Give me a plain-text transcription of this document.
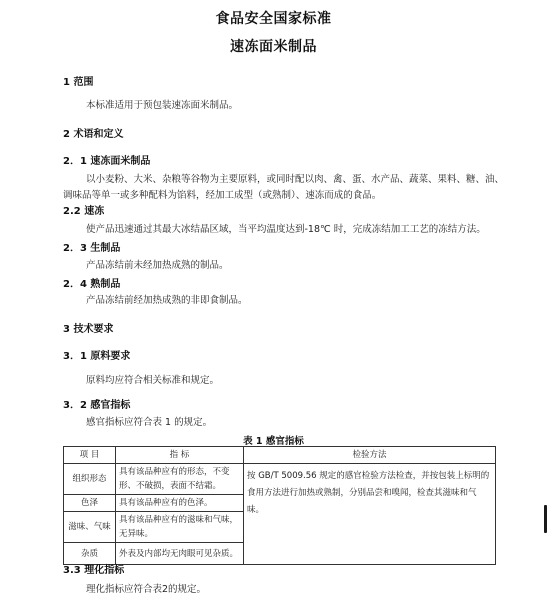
食品安全国家标准
速冻面米制品
1 范围
本标准适用于预包装速冻面米制品。
2 术语和定义
2．1 速冻面米制品
以小麦粉、大米、杂粮等谷物为主要原料，或同时配以肉、禽、蛋、水产品、蔬菜、果料、糖、油、
调味品等单一或多种配料为馅料，经加工成型（或熟制）、速冻而成的食品。
2.2 速冻
使产品迅速通过其最大冰结晶区域，当平均温度达到-18℃ 时，完成冻结加工工艺的冻结方法。
2．3 生制品
产品冻结前未经加热成熟的制品。
2．4 熟制品
产品冻结前经加热成熟的非即食制品。
3 技术要求
3．1 原料要求
原料均应符合相关标准和规定。
3．2 感官指标
感官指标应符合表 1 的规定。
表 1 感官指标
项 目	指 标	检验方法
组织形态	具有该品种应有的形态，不变形、不破损，表面不结霜。	按 GB/T 5009.56 规定的感官检验方法检查，并按包装上标明的食用方法进行加热或熟制，分别品尝和嗅闻，检查其滋味和气味。
色泽	具有该品种应有的色泽。	
滋味、气味	具有该品种应有的滋味和气味，无异味。	
杂质	外表及内部均无肉眼可见杂质。	
3.3 理化指标
理化指标应符合表2的规定。
